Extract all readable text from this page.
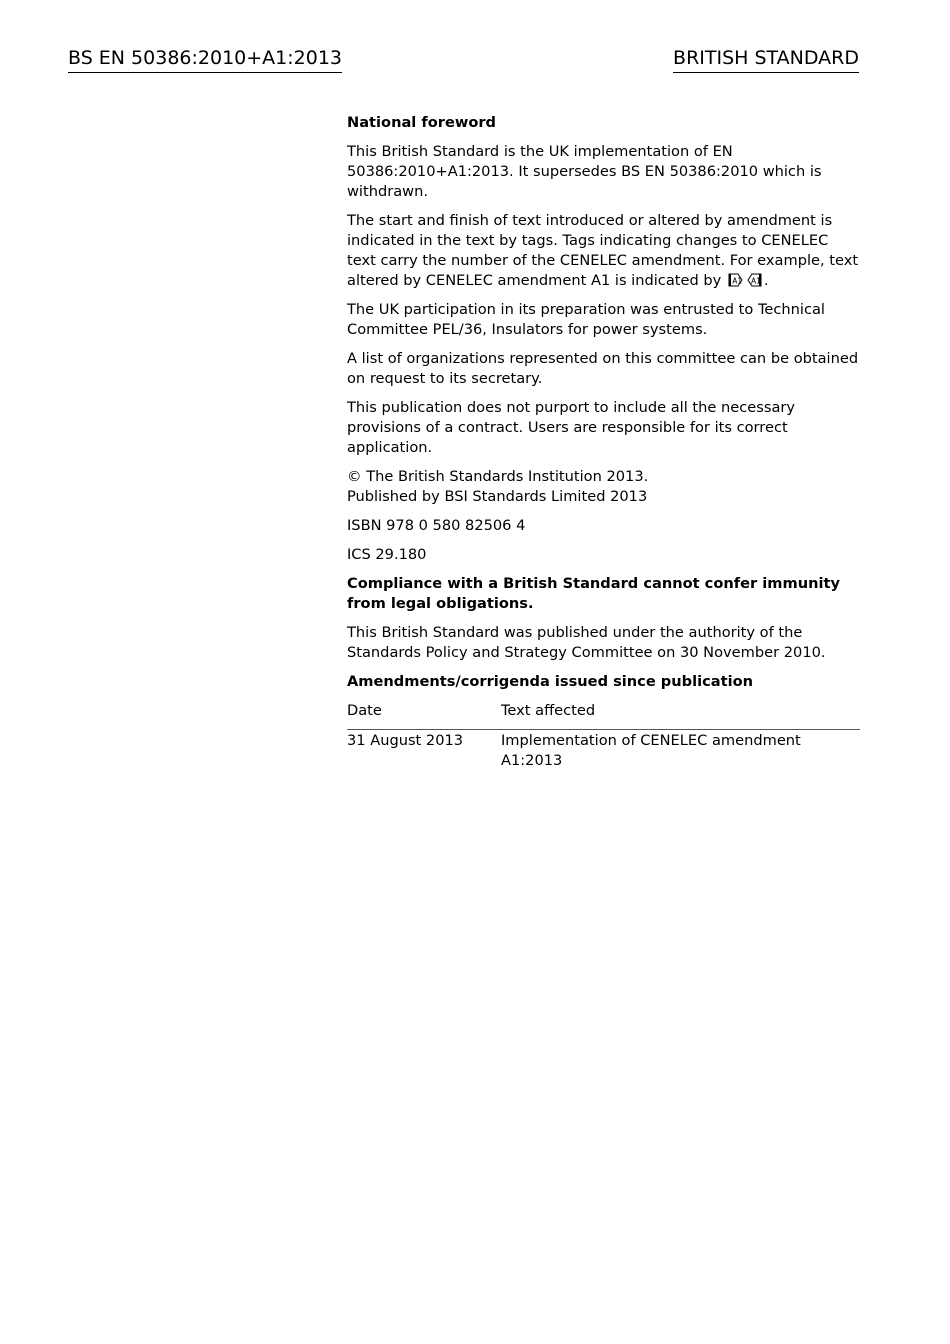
BS EN 50386:2010+A1:2013	BRITISH STANDARD

National foreword

This British Standard is the UK implementation of EN 50386:2010+A1:2013. It supersedes BS EN 50386:2010 which is withdrawn.

The start and finish of text introduced or altered by amendment is indicated in the text by tags. Tags indicating changes to CENELEC text carry the number of the CENELEC amendment. For example, text altered by CENELEC amendment A1 is indicated by A1 A1 .

The UK participation in its preparation was entrusted to Technical Committee PEL/36, Insulators for power systems.

A list of organizations represented on this committee can be obtained on request to its secretary.

This publication does not purport to include all the necessary provisions of a contract. Users are responsible for its correct application.

© The British Standards Institution 2013.
Published by BSI Standards Limited 2013

ISBN 978 0 580 82506 4

ICS 29.180

Compliance with a British Standard cannot confer immunity from legal obligations.

This British Standard was published under the authority of the Standards Policy and Strategy Committee on 30 November 2010.

Amendments/corrigenda issued since publication

Date	Text affected
31 August 2013	Implementation of CENELEC amendment A1:2013
